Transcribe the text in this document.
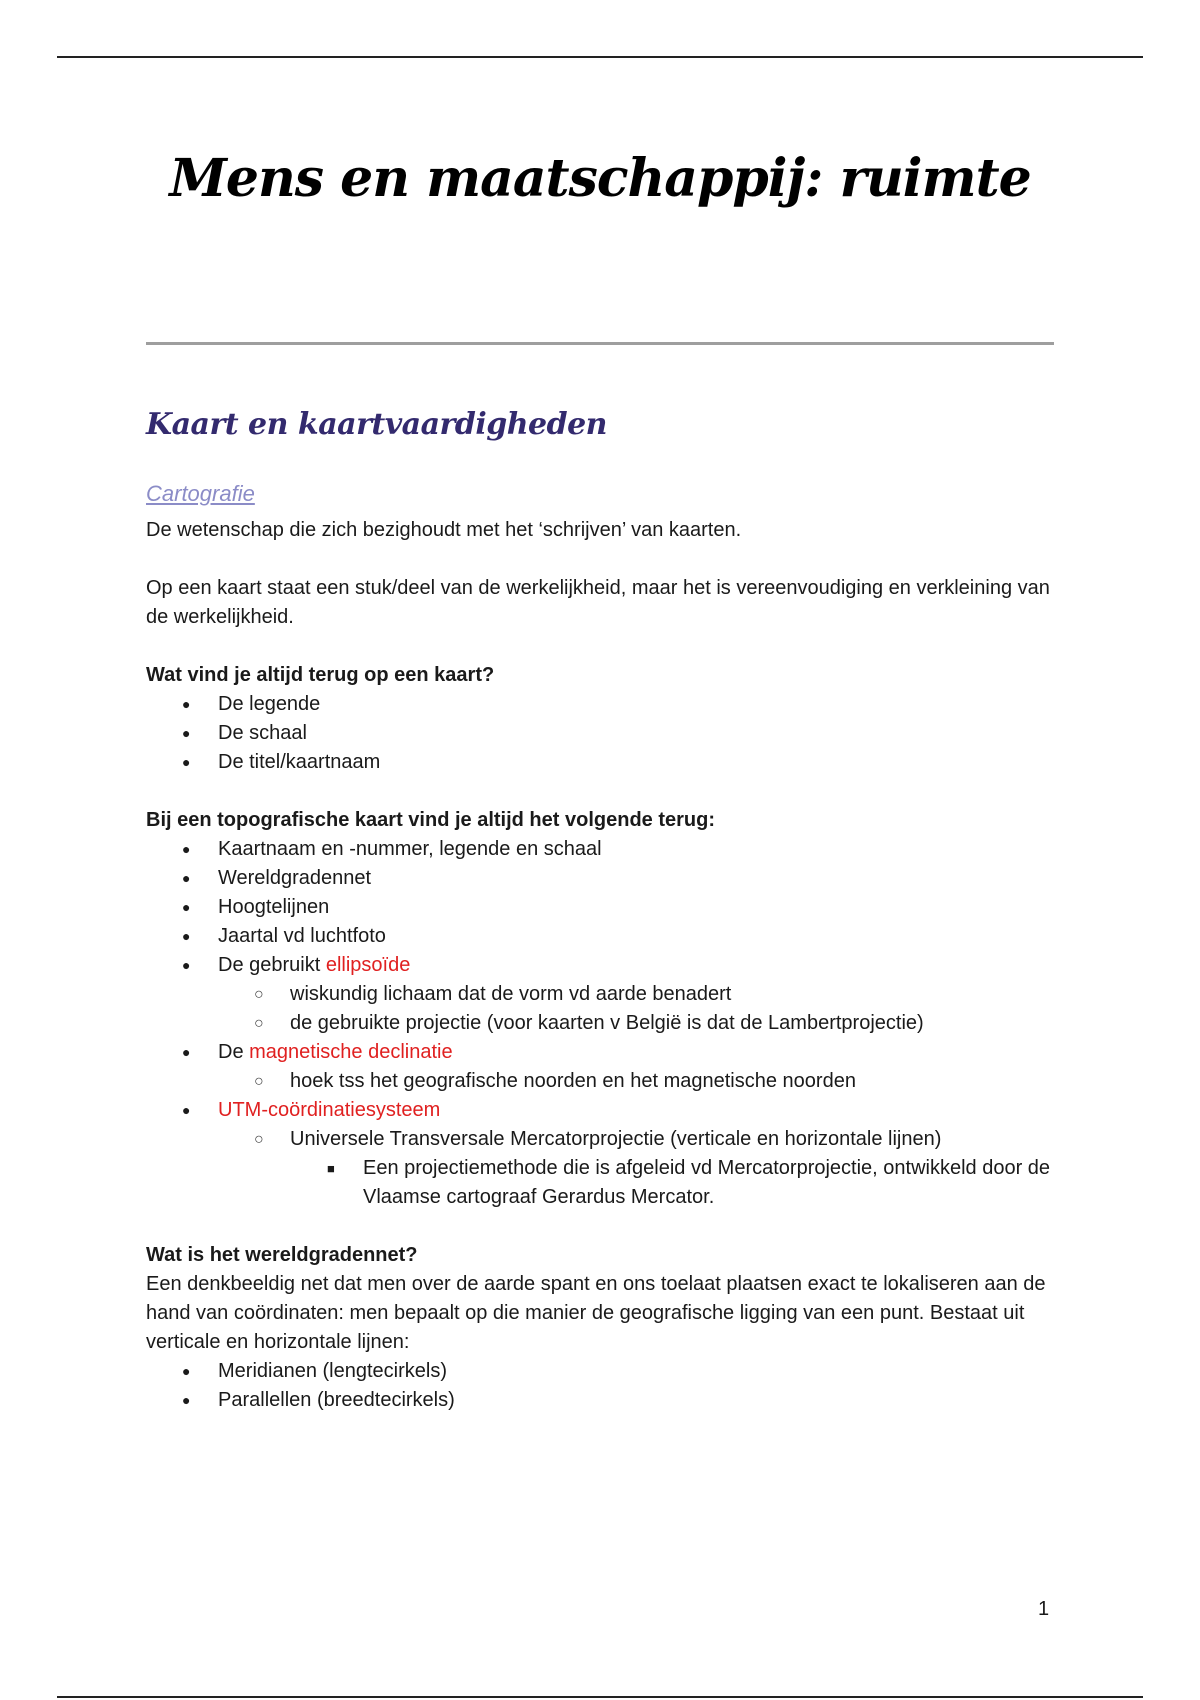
Mens en maatschappij: ruimte
Kaart en kaartvaardigheden
Cartografie

De wetenschap die zich bezighoudt met het ‘schrijven’ van kaarten.

Op een kaart staat een stuk/deel van de werkelijkheid, maar het is vereenvoudiging en verkleining van de werkelijkheid.

Wat vind je altijd terug op een kaart?

● De legende
● De schaal
● De titel/kaartnaam

Bij een topografische kaart vind je altijd het volgende terug:

● Kaartnaam en -nummer, legende en schaal
● Wereldgradennet
● Hoogtelijnen
● Jaartal vd luchtfoto
● De gebruikt ellipsoïde
○ wiskundig lichaam dat de vorm vd aarde benadert
○ de gebruikte projectie (voor kaarten v België is dat de Lambertprojectie)
● De magnetische declinatie
○ hoek tss het geografische noorden en het magnetische noorden
● UTM-coördinatiesysteem
○ Universele Transversale Mercatorprojectie (verticale en horizontale lijnen)
■ Een projectiemethode die is afgeleid vd Mercatorprojectie, ontwikkeld door de Vlaamse cartograaf Gerardus Mercator.

Wat is het wereldgradennet?

Een denkbeeldig net dat men over de aarde spant en ons toelaat plaatsen exact te lokaliseren aan de hand van coördinaten: men bepaalt op die manier de geografische ligging van een punt. Bestaat uit verticale en horizontale lijnen:

● Meridianen (lengtecirkels)
● Parallellen (breedtecirkels)
1
